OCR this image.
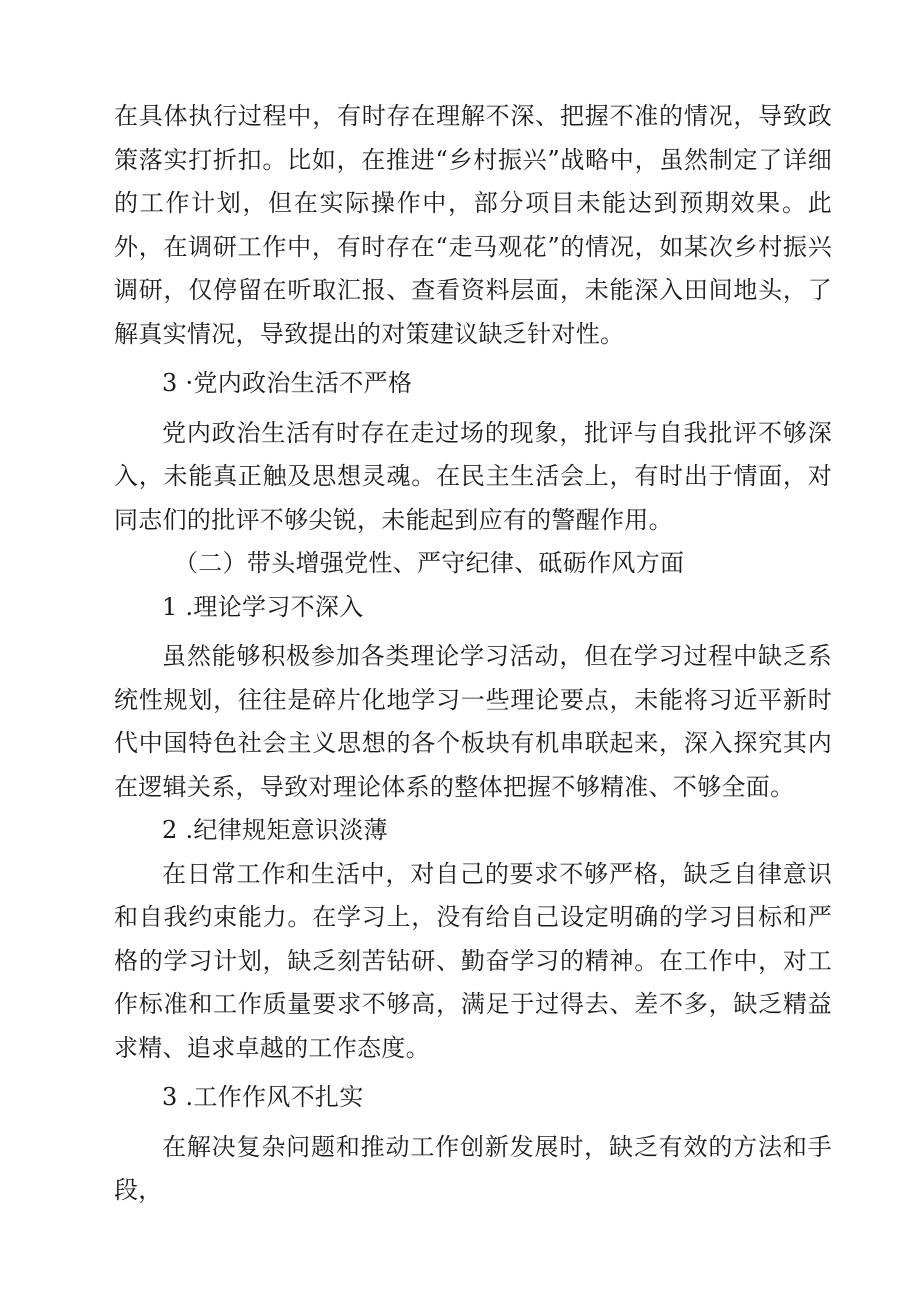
在具体执行过程中，有时存在理解不深、把握不准的情况，导致政策落实打折扣。比如，在推进“乡村振兴”战略中，虽然制定了详细的工作计划，但在实际操作中，部分项目未能达到预期效果。此外，在调研工作中，有时存在“走马观花”的情况，如某次乡村振兴调研，仅停留在听取汇报、查看资料层面，未能深入田间地头，了解真实情况，导致提出的对策建议缺乏针对性。

3 ·党内政治生活不严格

党内政治生活有时存在走过场的现象，批评与自我批评不够深入，未能真正触及思想灵魂。在民主生活会上，有时出于情面，对同志们的批评不够尖锐，未能起到应有的警醒作用。

（二）带头增强党性、严守纪律、砥砺作风方面

1 .理论学习不深入

虽然能够积极参加各类理论学习活动，但在学习过程中缺乏系统性规划，往往是碎片化地学习一些理论要点，未能将习近平新时代中国特色社会主义思想的各个板块有机串联起来，深入探究其内在逻辑关系，导致对理论体系的整体把握不够精准、不够全面。

2 .纪律规矩意识淡薄

在日常工作和生活中，对自己的要求不够严格，缺乏自律意识和自我约束能力。在学习上，没有给自己设定明确的学习目标和严格的学习计划，缺乏刻苦钻研、勤奋学习的精神。在工作中，对工作标准和工作质量要求不够高，满足于过得去、差不多，缺乏精益求精、追求卓越的工作态度。

3 .工作作风不扎实

在解决复杂问题和推动工作创新发展时，缺乏有效的方法和手段，
